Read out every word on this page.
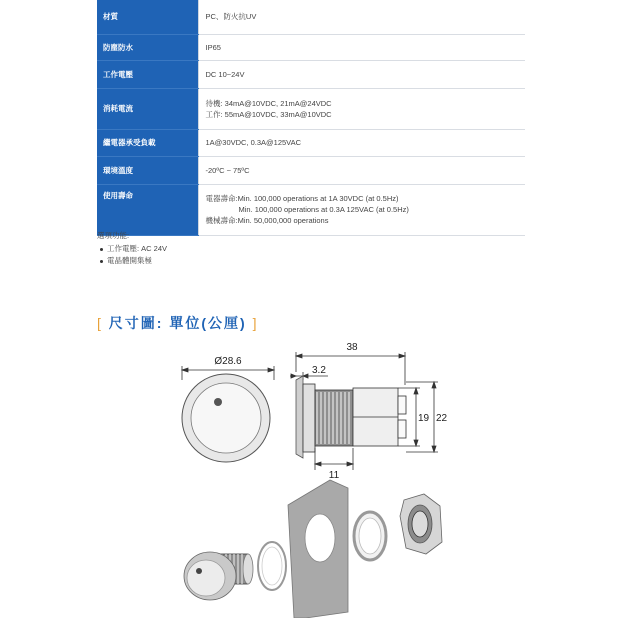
材質	PC、防火抗UV

防塵防水	IP65

工作電壓	DC 10~24V

消耗電流	待機: 34mA@10VDC, 21mA@24VDC
工作: 55mA@10VDC, 33mA@10VDC

繼電器承受負載	1A@30VDC, 0.3A@125VAC

環境溫度	-20ºC ~ 75ºC

使用壽命	電器壽命:Min. 100,000 operations at 1A 30VDC (at 0.5Hz)
Min. 100,000 operations at 0.3A 125VAC (at 0.5Hz)
機械壽命:Min. 50,000,000 operations
選項功能:
工作電壓: AC 24V
電晶體開集極
[ 尺寸圖: 單位(公厘) ]
Ø28.6
38
3.2
19 22
11
